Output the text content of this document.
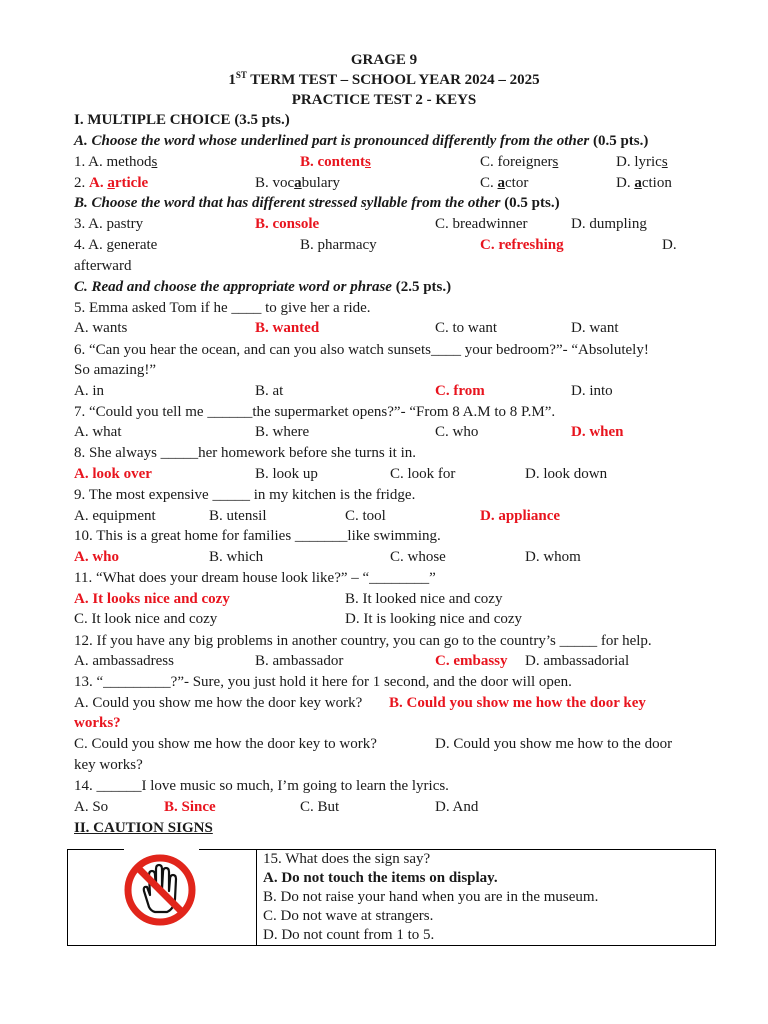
GRAGE 9
1ST TERM TEST – SCHOOL YEAR 2024 – 2025
PRACTICE TEST 2 - KEYS
I. MULTIPLE CHOICE (3.5 pts.)
A. Choose the word whose underlined part is pronounced differently from the other (0.5 pts.)
1. A. methods	B. contents	C. foreigners	D. lyrics
2. A. article	B. vocabulary	C. actor	D. action
B. Choose the word that has different stressed syllable from the other (0.5 pts.)
3. A. pastry	B. console	C. breadwinner	D. dumpling
4. A. generate	B. pharmacy	C. refreshing	D.
afterward
C. Read and choose the appropriate word or phrase (2.5 pts.)
5. Emma asked Tom if he ____ to give her a ride.
A. wants	B. wanted	C. to want	D. want
6. “Can you hear the ocean, and can you also watch sunsets____ your bedroom?”- “Absolutely!
So amazing!”
A. in	B. at	C. from	D. into
7. “Could you tell me ______the supermarket opens?”- “From 8 A.M to 8 P.M”.
A. what	B. where	C. who	D. when
8. She always _____her homework before she turns it in.
A. look over	B. look up	C. look for	D. look down
9. The most expensive _____ in my kitchen is the fridge.
A. equipment	B. utensil	C. tool	D. appliance
10. This is a great home for families _______like swimming.
A. who	B. which	C. whose	D. whom
11. “What does your dream house look like?” – “________”
A. It looks nice and cozy	B. It looked nice and cozy
C. It look nice and cozy	D. It is looking nice and cozy
12. If you have any big problems in another country, you can go to the country’s _____ for help.
A. ambassadress	B. ambassador	C. embassy D. ambassadorial
13. “_________?”- Sure, you just hold it here for 1 second, and the door will open.
A. Could you show me how the door key work? B. Could you show me how the door key
works?
C. Could you show me how the door key to work?	D. Could you show me how to the door
key works?
14. ______I love music so much, I’m going to learn the lyrics.
A. So	B. Since	C. But	D. And
II. CAUTION SIGNS
15. What does the sign say?
A. Do not touch the items on display.
B. Do not raise your hand when you are in the museum.
C. Do not wave at strangers.
D. Do not count from 1 to 5.
